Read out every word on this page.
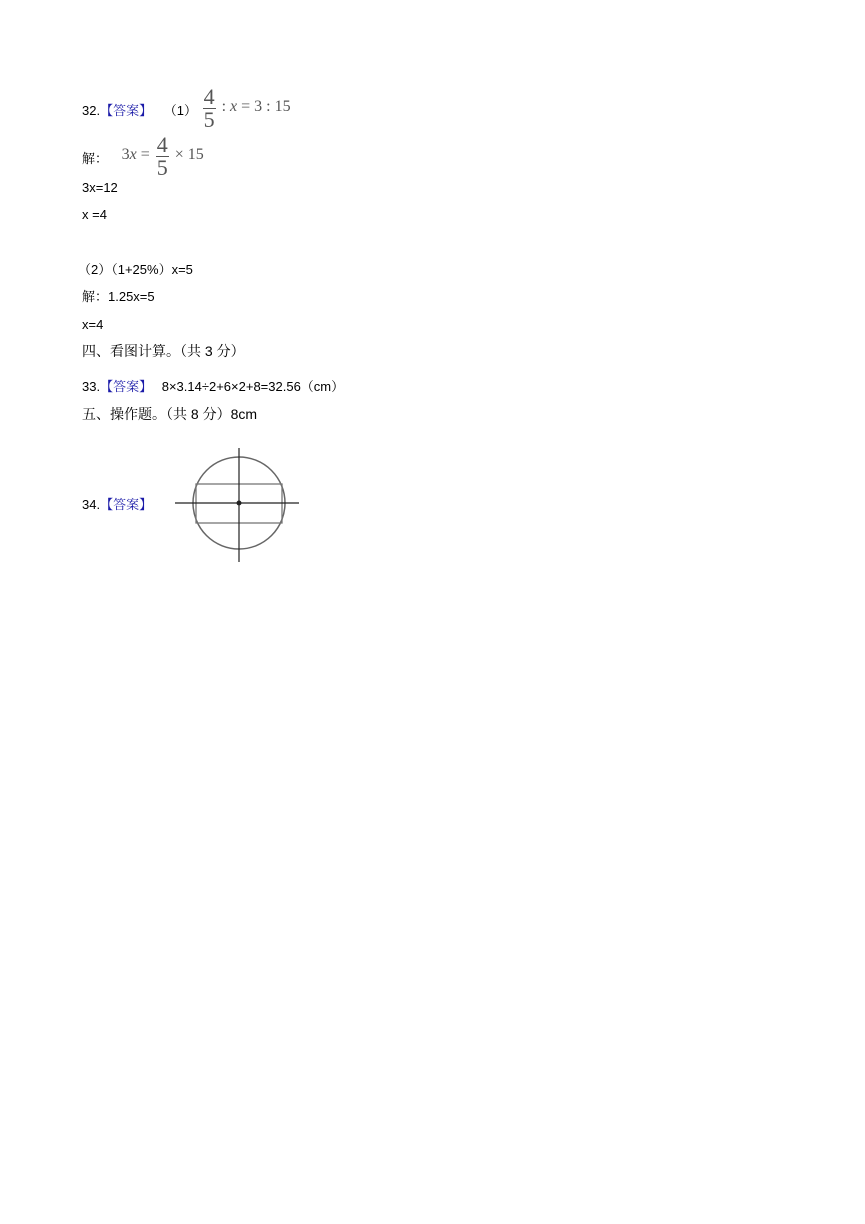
32.【答案】 $(1) \frac{4}{5}$ : x = 3 : 15
解： $3x = \frac{4}{5} \times 15$
3x=12
x =4
（2）（1+25%）x=5
解：1.25x=5
x=4
四、看图计算。（共 3 分）
33.【答案】 8×3.14÷2+6×2+8=32.56（cm）
五、操作题。（共 8 分）8cm
34.【答案】
